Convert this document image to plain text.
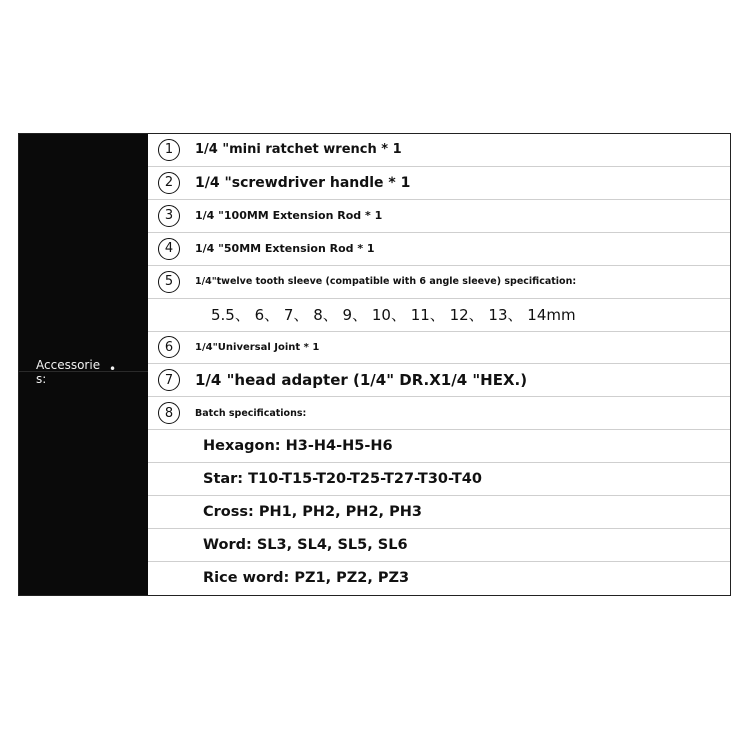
Accessorie s:
•
1	1/4 "mini ratchet wrench * 1
2	1/4 "screwdriver handle * 1
3	1/4 "100MM Extension Rod * 1
4	1/4 "50MM Extension Rod * 1
5	1/4"twelve tooth sleeve (compatible with 6 angle sleeve) specification:
5.5、 6、 7、 8、 9、 10、 11、 12、 13、 14mm
6	1/4"Universal Joint * 1
7	1/4 "head adapter (1/4" DR.X1/4 "HEX.)
8	Batch specifications:
Hexagon: H3-H4-H5-H6
Star: T10-T15-T20-T25-T27-T30-T40
Cross: PH1, PH2, PH2, PH3
Word: SL3, SL4, SL5, SL6
Rice word: PZ1, PZ2, PZ3
